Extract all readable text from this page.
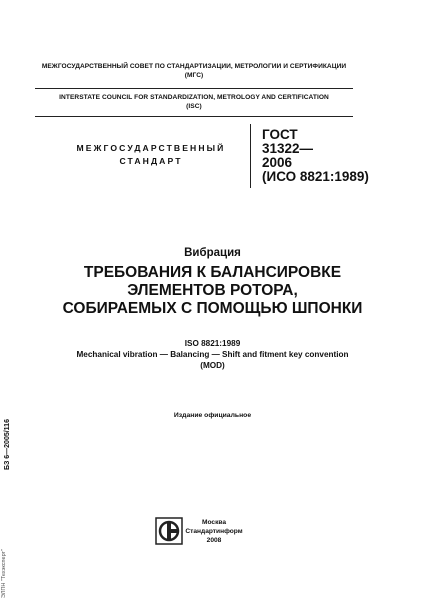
МЕЖГОСУДАРСТВЕННЫЙ СОВЕТ ПО СТАНДАРТИЗАЦИИ, МЕТРОЛОГИИ И СЕРТИФИКАЦИИ
(МГС)
INTERSTATE COUNCIL FOR STANDARDIZATION, METROLOGY AND CERTIFICATION
(ISC)
МЕЖГОСУДАРСТВЕННЫЙ
СТАНДАРТ
ГОСТ
31322—
2006
(ИСО 8821:1989)
Вибрация
ТРЕБОВАНИЯ К БАЛАНСИРОВКЕ
ЭЛЕМЕНТОВ РОТОРА,
СОБИРАЕМЫХ С ПОМОЩЬЮ ШПОНКИ
ISO 8821:1989
Mechanical vibration — Balancing — Shift and fitment key convention
(MOD)
Издание официальное
БЗ 6—2005/116
ЭЛПН "Техэксперт"
Москва
Стандартинформ
2008
